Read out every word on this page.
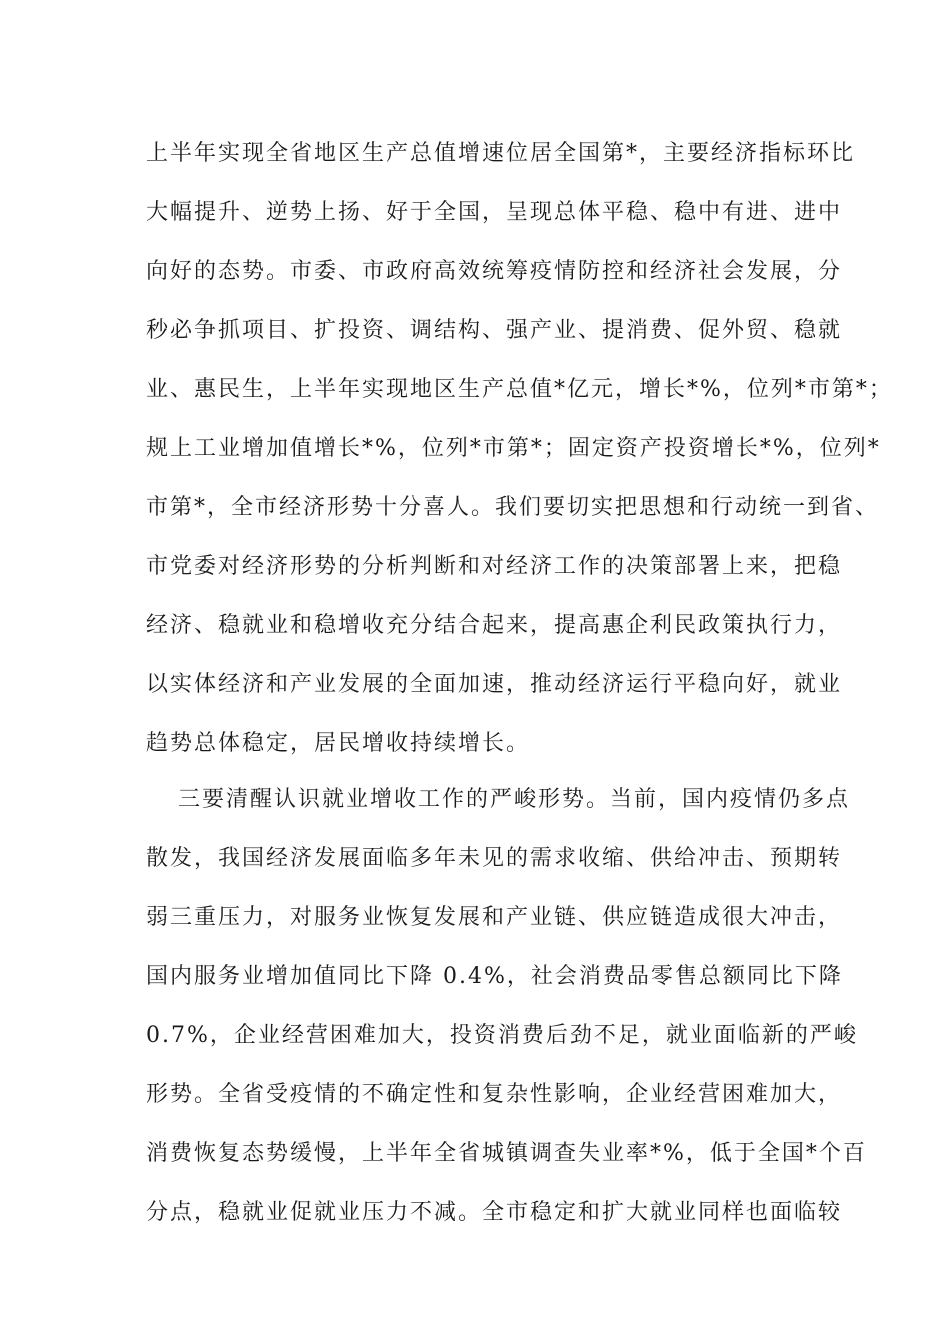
上半年实现全省地区生产总值增速位居全国第*，主要经济指标环比
大幅提升、逆势上扬、好于全国，呈现总体平稳、稳中有进、进中
向好的态势。市委、市政府高效统筹疫情防控和经济社会发展，分
秒必争抓项目、扩投资、调结构、强产业、提消费、促外贸、稳就
业、惠民生，上半年实现地区生产总值*亿元，增长*%，位列*市第*；
规上工业增加值增长*%，位列*市第*；固定资产投资增长*%，位列*
市第*，全市经济形势十分喜人。我们要切实把思想和行动统一到省、
市党委对经济形势的分析判断和对经济工作的决策部署上来，把稳
经济、稳就业和稳增收充分结合起来，提高惠企利民政策执行力，
以实体经济和产业发展的全面加速，推动经济运行平稳向好，就业
趋势总体稳定，居民增收持续增长。
三要清醒认识就业增收工作的严峻形势。当前，国内疫情仍多点
散发，我国经济发展面临多年未见的需求收缩、供给冲击、预期转
弱三重压力，对服务业恢复发展和产业链、供应链造成很大冲击，
国内服务业增加值同比下降 0.4%，社会消费品零售总额同比下降
0.7%，企业经营困难加大，投资消费后劲不足，就业面临新的严峻
形势。全省受疫情的不确定性和复杂性影响，企业经营困难加大，
消费恢复态势缓慢，上半年全省城镇调查失业率*%，低于全国*个百
分点，稳就业促就业压力不减。全市稳定和扩大就业同样也面临较
